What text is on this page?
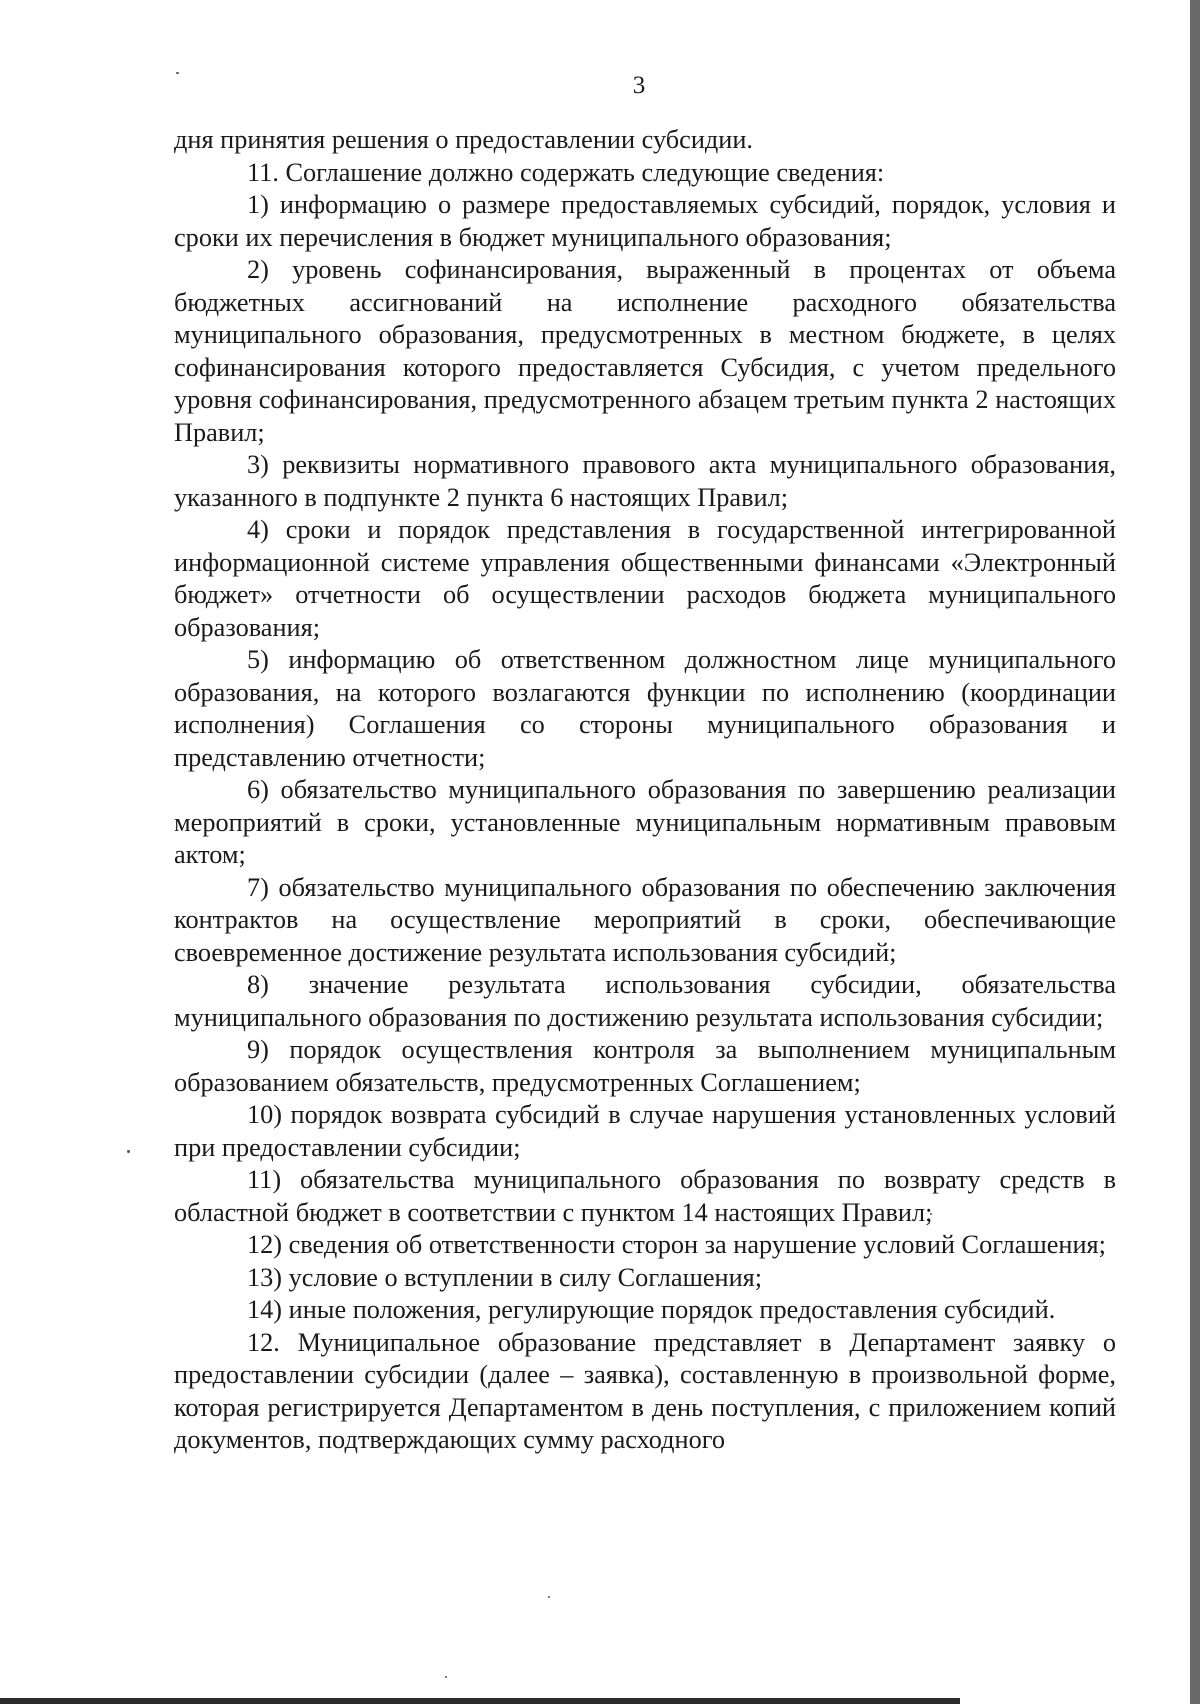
3

дня принятия решения о предоставлении субсидии.

11. Соглашение должно содержать следующие сведения:

1) информацию о размере предоставляемых субсидий, порядок, условия и сроки их перечисления в бюджет муниципального образования;

2) уровень софинансирования, выраженный в процентах от объема бюджетных ассигнований на исполнение расходного обязательства муниципального образования, предусмотренных в местном бюджете, в целях софинансирования которого предоставляется Субсидия, с учетом предельного уровня софинансирования, предусмотренного абзацем третьим пункта 2 настоящих Правил;

3) реквизиты нормативного правового акта муниципального образования, указанного в подпункте 2 пункта 6 настоящих Правил;

4) сроки и порядок представления в государственной интегрированной информационной системе управления общественными финансами «Электронный бюджет» отчетности об осуществлении расходов бюджета муниципального образования;

5) информацию об ответственном должностном лице муниципального образования, на которого возлагаются функции по исполнению (координации исполнения) Соглашения со стороны муниципального образования и представлению отчетности;

6) обязательство муниципального образования по завершению реализации мероприятий в сроки, установленные муниципальным нормативным правовым актом;

7) обязательство муниципального образования по обеспечению заключения контрактов на осуществление мероприятий в сроки, обеспечивающие своевременное достижение результата использования субсидий;

8) значение результата использования субсидии, обязательства муниципального образования по достижению результата использования субсидии;

9) порядок осуществления контроля за выполнением муниципальным образованием обязательств, предусмотренных Соглашением;

10) порядок возврата субсидий в случае нарушения установленных условий при предоставлении субсидии;

11) обязательства муниципального образования по возврату средств в областной бюджет в соответствии с пунктом 14 настоящих Правил;

12) сведения об ответственности сторон за нарушение условий Соглашения;

13) условие о вступлении в силу Соглашения;

14) иные положения, регулирующие порядок предоставления субсидий.

12. Муниципальное образование представляет в Департамент заявку о предоставлении субсидии (далее – заявка), составленную в произвольной форме, которая регистрируется Департаментом в день поступления, с приложением копий документов, подтверждающих сумму расходного
